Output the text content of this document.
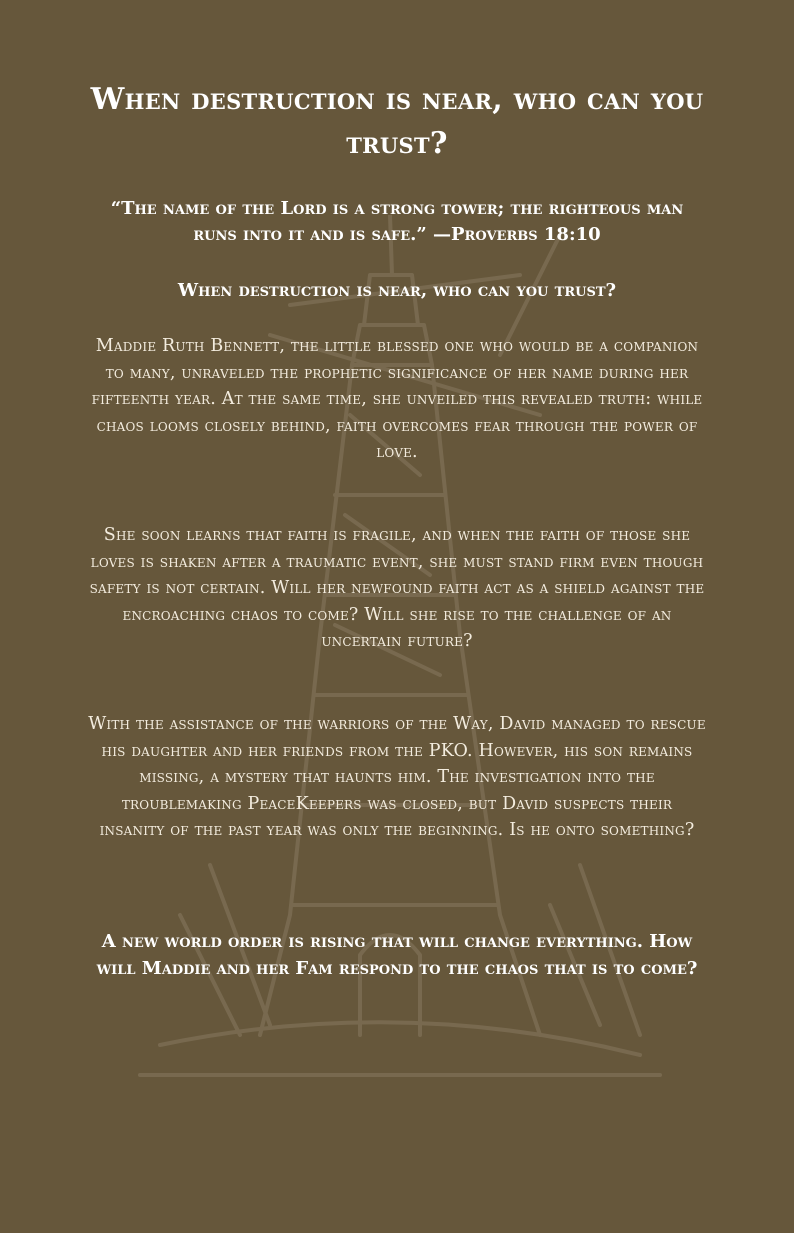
When destruction is near, who can you trust?

“The name of the Lord is a strong tower; the righteous man runs into it and is safe.” —Proverbs 18:10

When destruction is near, who can you trust?

Maddie Ruth Bennett, the little blessed one who would be a companion to many, unraveled the prophetic significance of her name during her fifteenth year. At the same time, she unveiled this revealed truth: while chaos looms closely behind, faith overcomes fear through the power of love.

She soon learns that faith is fragile, and when the faith of those she loves is shaken after a traumatic event, she must stand firm even though safety is not certain. Will her newfound faith act as a shield against the encroaching chaos to come? Will she rise to the challenge of an uncertain future?

With the assistance of the warriors of the Way, David managed to rescue his daughter and her friends from the PKO. However, his son remains missing, a mystery that haunts him. The investigation into the troublemaking PeaceKeepers was closed, but David suspects their insanity of the past year was only the beginning. Is he onto something?

A new world order is rising that will change everything. How will Maddie and her Fam respond to the chaos that is to come?
